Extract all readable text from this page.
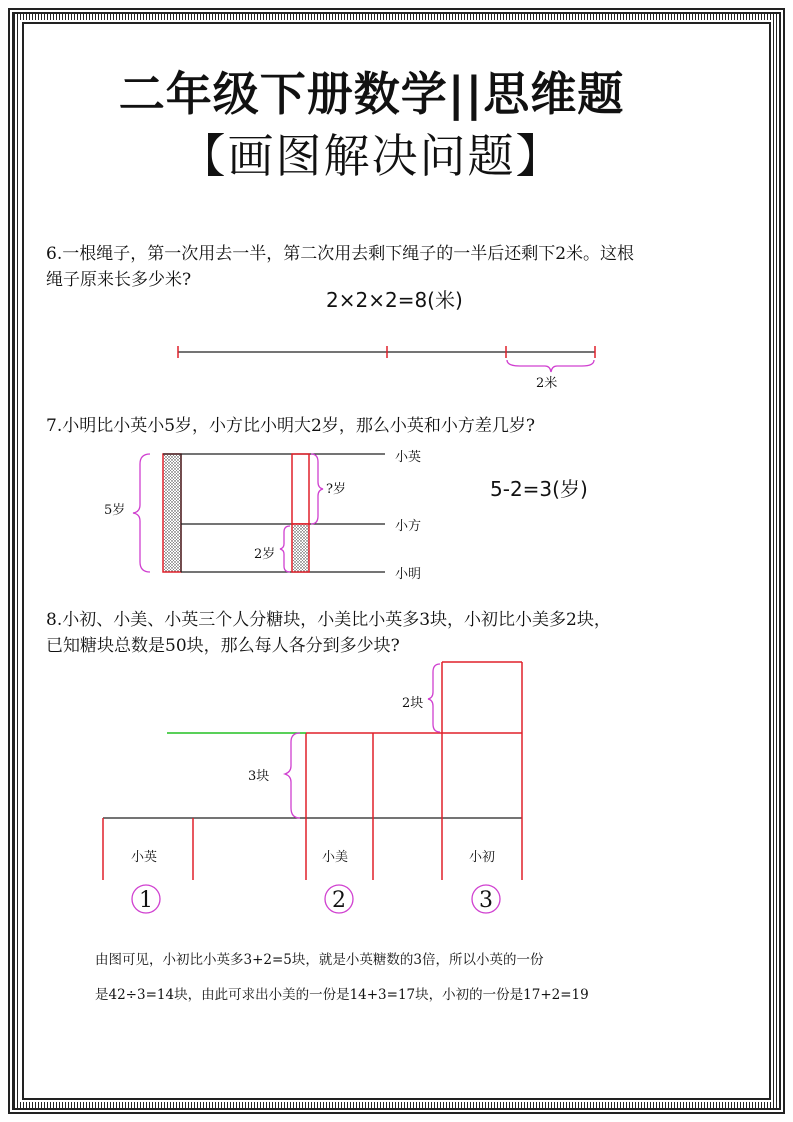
二年级下册数学||思维题
【画图解决问题】
6.一根绳子，第一次用去一半，第二次用去剩下绳子的一半后还剩下2米。这根
绳子原来长多少米?
2×2×2=8(米)
2米
7.小明比小英小5岁，小方比小明大2岁，那么小英和小方差几岁?
小英
小方
小明
5岁
?岁
2岁
5-2=3(岁)
8.小初、小美、小英三个人分糖块，小美比小英多3块，小初比小美多2块，
已知糖块总数是50块，那么每人各分到多少块?
2块
3块
小英	小美	小初
由图可见，小初比小英多3+2=5块，就是小英糖数的3倍，所以小英的一份
是42÷3=14块，由此可求出小美的一份是14+3=17块，小初的一份是17+2=19
1	2	3
